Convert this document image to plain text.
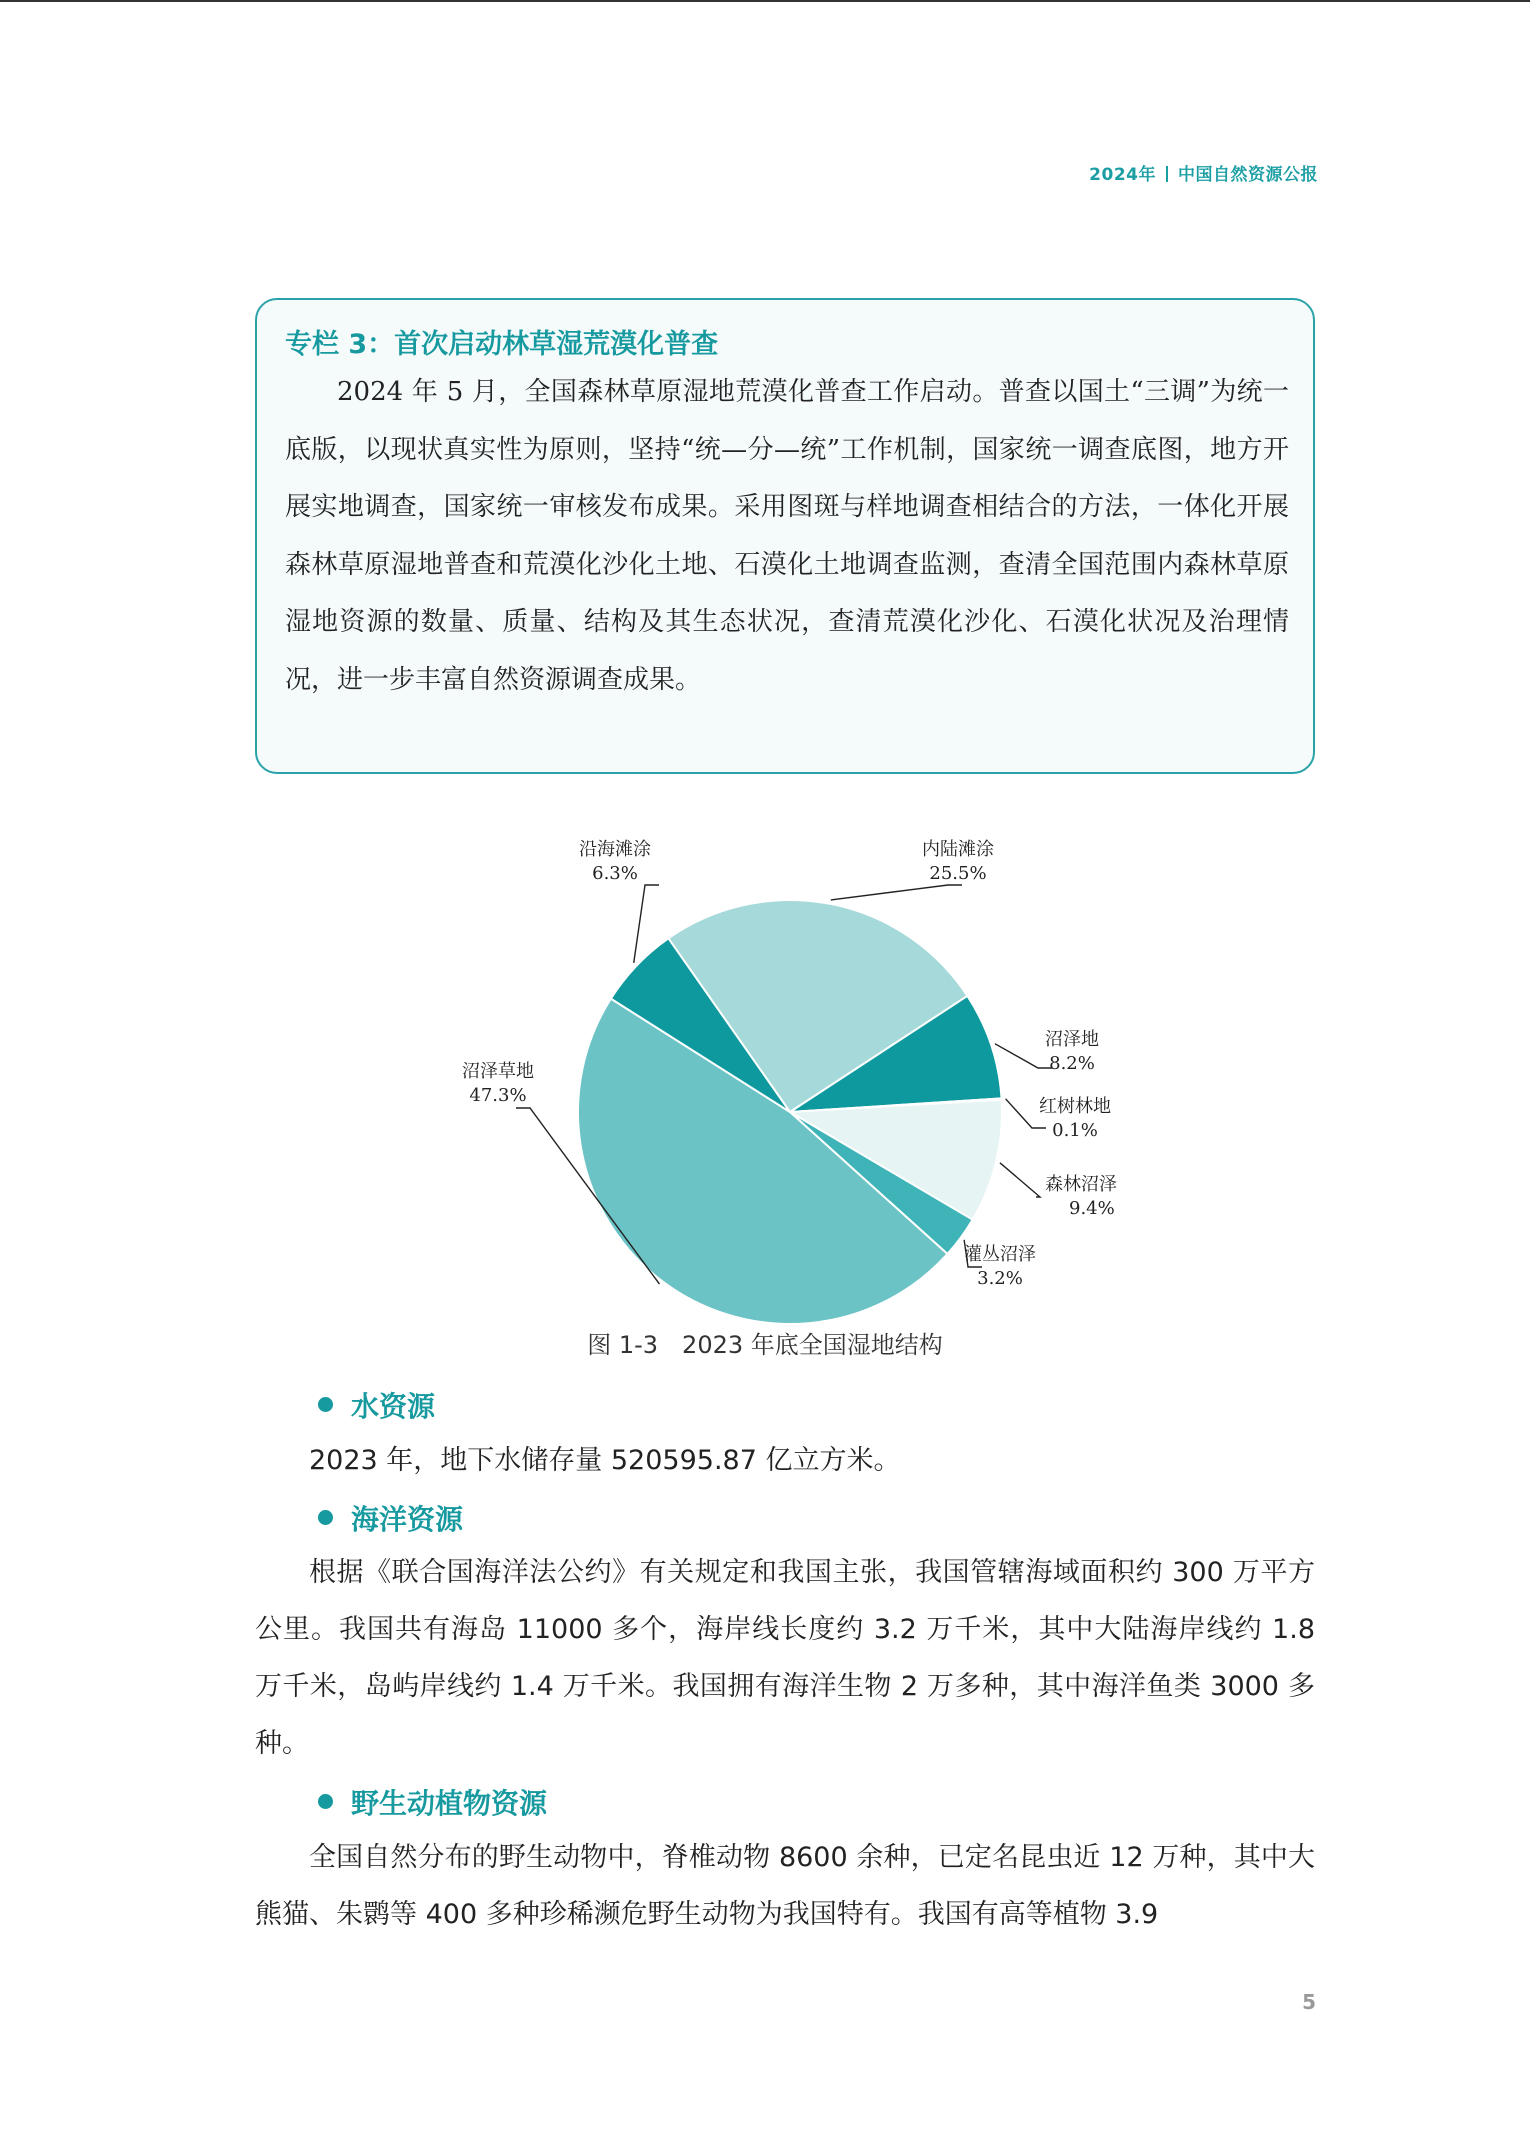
2024年 中国自然资源公报
专栏 3：首次启动林草湿荒漠化普查
2024 年 5 月，全国森林草原湿地荒漠化普查工作启动。普查以国土“三调”为统一底版，以现状真实性为原则，坚持“统—分—统”工作机制，国家统一调查底图，地方开展实地调查，国家统一审核发布成果。采用图斑与样地调查相结合的方法，一体化开展森林草原湿地普查和荒漠化沙化土地、石漠化土地调查监测，查清全国范围内森林草原湿地资源的数量、质量、结构及其生态状况，查清荒漠化沙化、石漠化状况及治理情况，进一步丰富自然资源调查成果。
内陆滩涂
25.5%
沼泽地
8.2%
红树林地
0.1%
森林沼泽
9.4%
灌丛沼泽
3.2%
沼泽草地
47.3%
沿海滩涂
6.3%
图 1-3　2023 年底全国湿地结构
水资源
2023 年，地下水储存量 520595.87 亿立方米。
海洋资源
根据《联合国海洋法公约》有关规定和我国主张，我国管辖海域面积约 300 万平方公里。我国共有海岛 11000 多个，海岸线长度约 3.2 万千米，其中大陆海岸线约 1.8 万千米，岛屿岸线约 1.4 万千米。我国拥有海洋生物 2 万多种，其中海洋鱼类 3000 多种。
野生动植物资源
全国自然分布的野生动物中，脊椎动物 8600 余种，已定名昆虫近 12 万种，其中大熊猫、朱鹮等 400 多种珍稀濒危野生动物为我国特有。我国有高等植物 3.9
5
